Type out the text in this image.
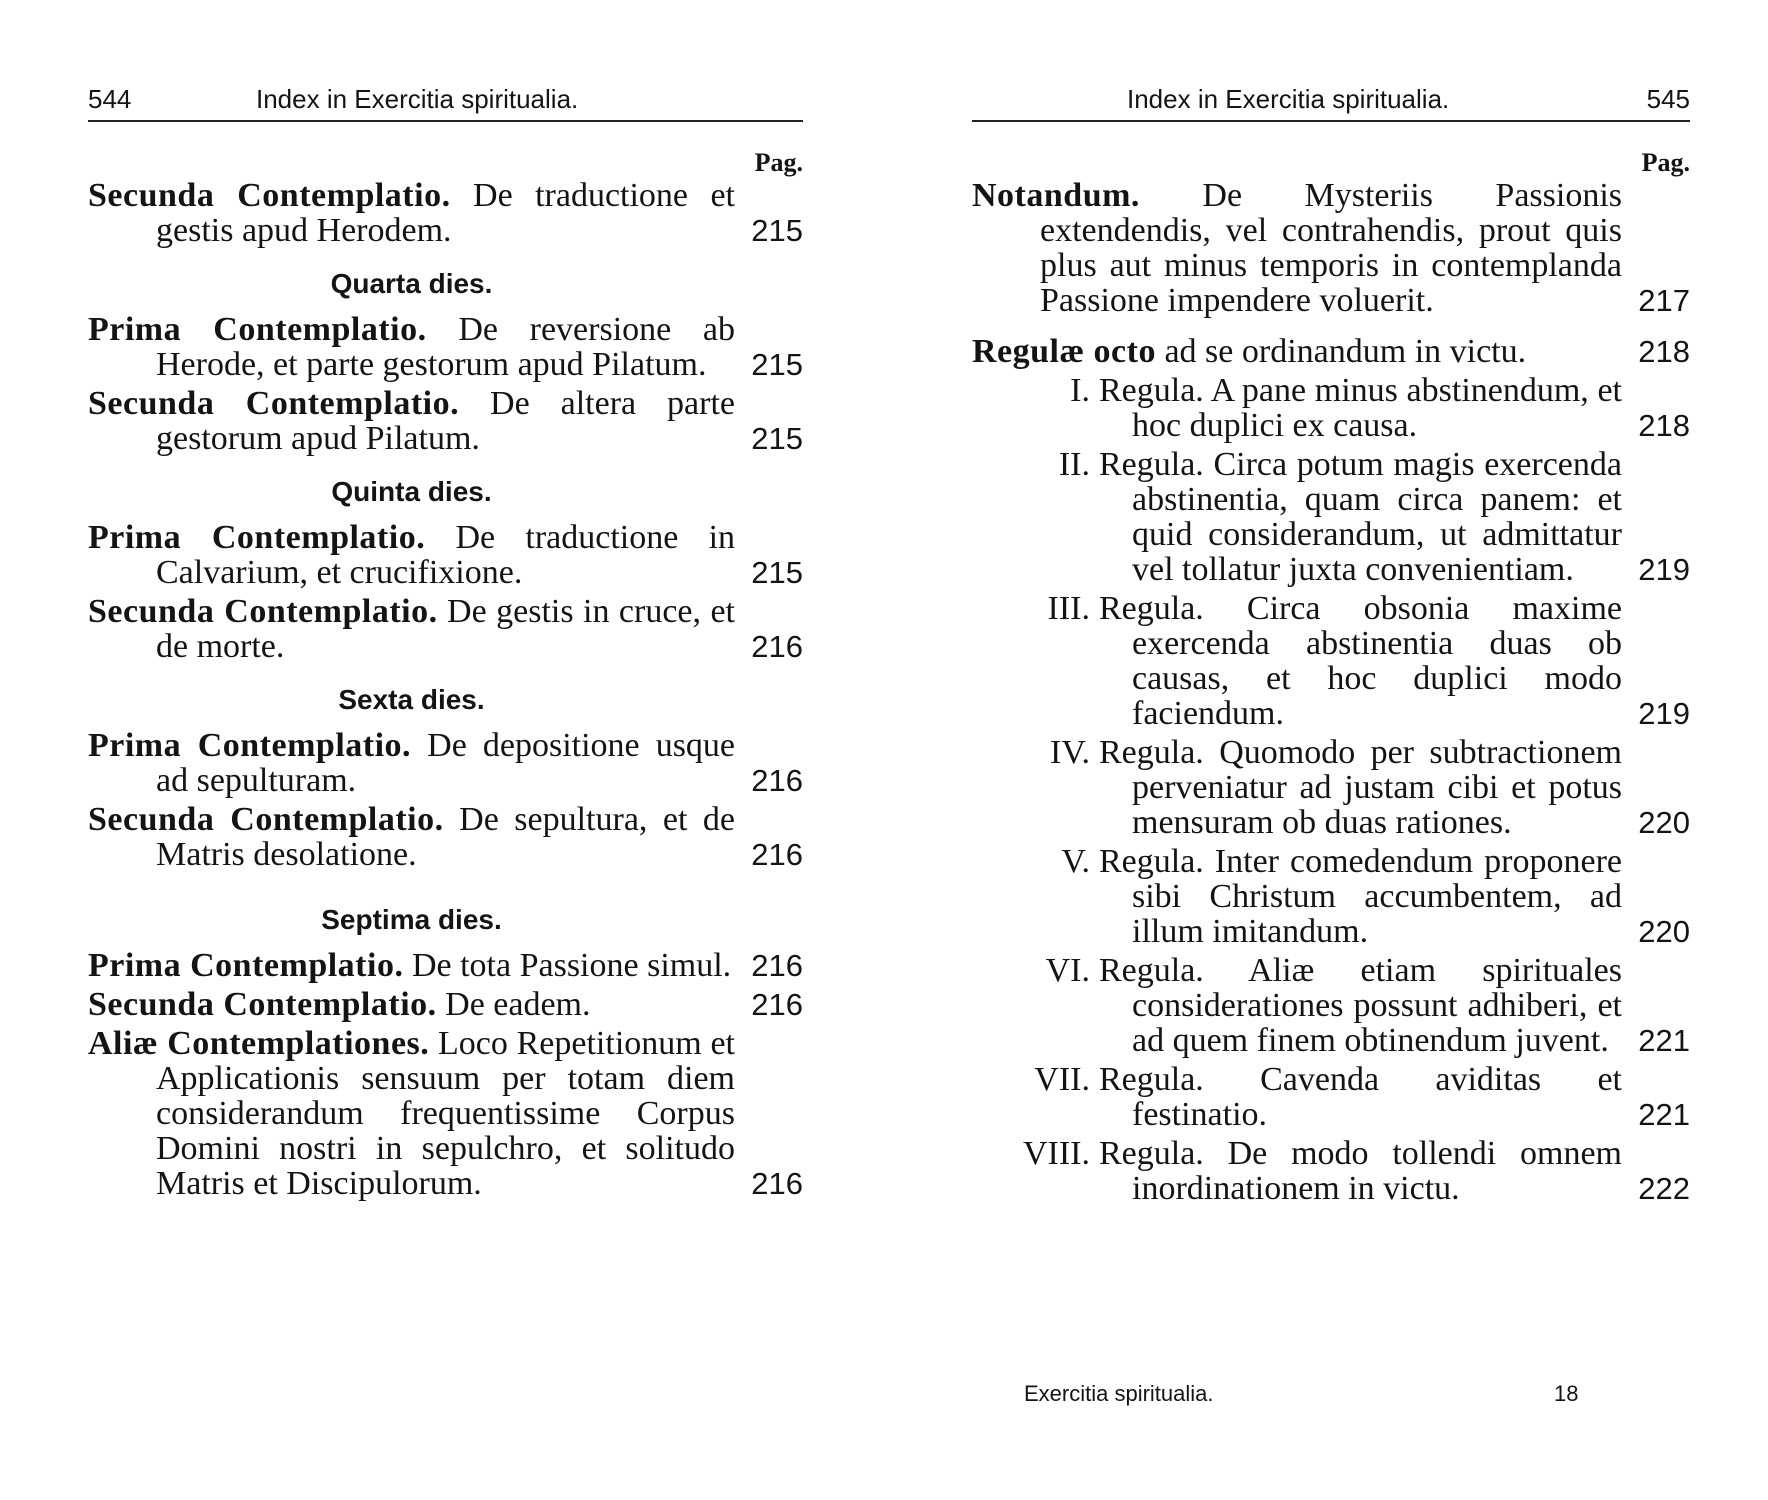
544	Index in Exercitia spiritualia.
Pag.
Secunda Contemplatio. De traductione et gestis apud Herodem.	215
Quarta dies.
Prima Contemplatio. De reversione ab Herode, et parte gestorum apud Pilatum.	215
Secunda Contemplatio. De altera parte gestorum apud Pilatum.	215
Quinta dies.
Prima Contemplatio. De traductione in Calvarium, et crucifixione.	215
Secunda Contemplatio. De gestis in cruce, et de morte.	216
Sexta dies.
Prima Contemplatio. De depositione usque ad sepulturam.	216
Secunda Contemplatio. De sepultura, et de Matris desolatione.	216
Septima dies.
Prima Contemplatio. De tota Passione simul. 216
Secunda Contemplatio. De eadem.	216
Aliæ Contemplationes. Loco Repetitionum et Applicationis sensuum per totam diem considerandum frequentissime Corpus Domini nostri in sepulchro, et solitudo Matris et Discipulorum.	216
Index in Exercitia spiritualia.	545
Pag.
Notandum. De Mysteriis Passionis extendendis, vel contrahendis, prout quis plus aut minus temporis in contemplanda Passione impendere voluerit.	217
Regulæ octo ad se ordinandum in victu.	218
I. Regula. A pane minus abstinendum, et hoc duplici ex causa.	218
II. Regula. Circa potum magis exercenda abstinentia, quam circa panem: et quid considerandum, ut admittatur vel tollatur juxta convenientiam.	219
III. Regula. Circa obsonia maxime exercenda abstinentia duas ob causas, et hoc duplici modo faciendum.	219
IV. Regula. Quomodo per subtractionem perveniatur ad justam cibi et potus mensuram ob duas rationes.	220
V. Regula. Inter comedendum proponere sibi Christum accumbentem, ad illum imitandum.	220
VI. Regula. Aliæ etiam spirituales considerationes possunt adhiberi, et ad quem finem obtinendum juvent. 221
VII. Regula. Cavenda aviditas et festinatio.	221
VIII. Regula. De modo tollendi omnem inordinationem in victu.	222
Exercitia spiritualia.	18
